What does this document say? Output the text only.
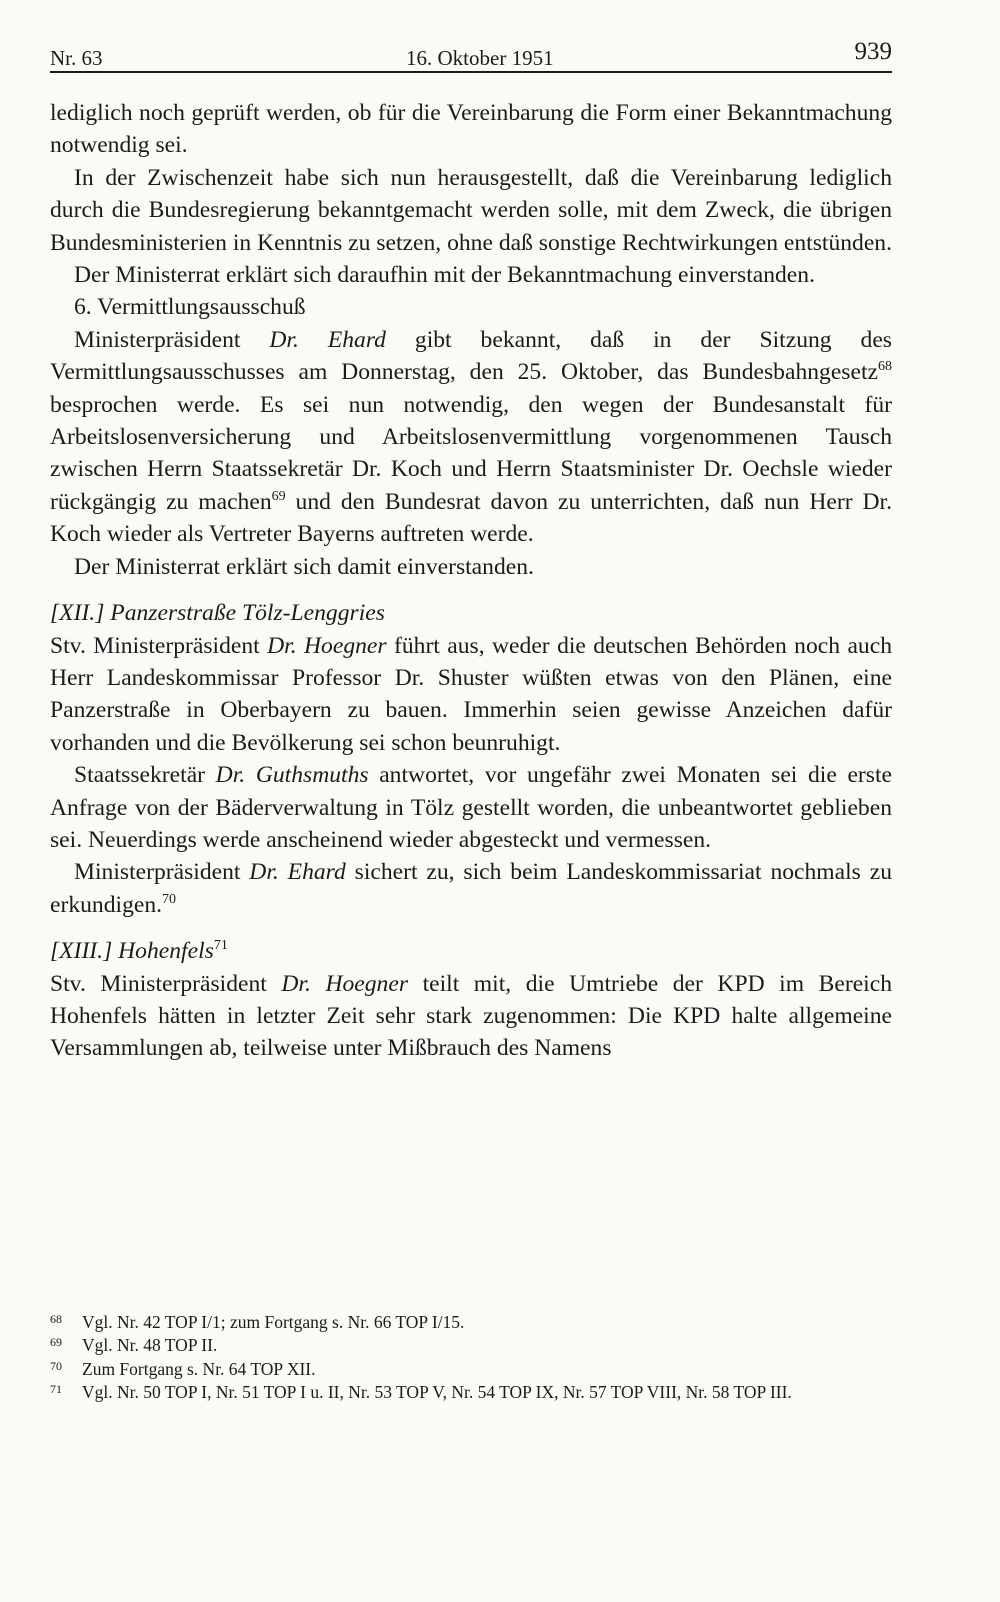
Nr. 63	16. Oktober 1951	939

lediglich noch geprüft werden, ob für die Vereinbarung die Form einer Bekanntmachung notwendig sei.

In der Zwischenzeit habe sich nun herausgestellt, daß die Vereinbarung lediglich durch die Bundesregierung bekanntgemacht werden solle, mit dem Zweck, die übrigen Bundesministerien in Kenntnis zu setzen, ohne daß sonstige Rechtwirkungen entstünden.

Der Ministerrat erklärt sich daraufhin mit der Bekanntmachung einverstanden.

6. Vermittlungsausschuß

Ministerpräsident Dr. Ehard gibt bekannt, daß in der Sitzung des Vermittlungsausschusses am Donnerstag, den 25. Oktober, das Bundesbahngesetz$^{68}$ besprochen werde. Es sei nun notwendig, den wegen der Bundesanstalt für Arbeitslosenversicherung und Arbeitslosenvermittlung vorgenommenen Tausch zwischen Herrn Staatssekretär Dr. Koch und Herrn Staatsminister Dr. Oechsle wieder rückgängig zu machen$^{69}$ und den Bundesrat davon zu unterrichten, daß nun Herr Dr. Koch wieder als Vertreter Bayerns auftreten werde.

Der Ministerrat erklärt sich damit einverstanden.

[XII.] Panzerstraße Tölz-Lenggries

Stv. Ministerpräsident Dr. Hoegner führt aus, weder die deutschen Behörden noch auch Herr Landeskommissar Professor Dr. Shuster wüßten etwas von den Plänen, eine Panzerstraße in Oberbayern zu bauen. Immerhin seien gewisse Anzeichen dafür vorhanden und die Bevölkerung sei schon beunruhigt.

Staatssekretär Dr. Guthsmuths antwortet, vor ungefähr zwei Monaten sei die erste Anfrage von der Bäderverwaltung in Tölz gestellt worden, die unbeantwortet geblieben sei. Neuerdings werde anscheinend wieder abgesteckt und vermessen.

Ministerpräsident Dr. Ehard sichert zu, sich beim Landeskommissariat nochmals zu erkundigen.$^{70}$

[XIII.] Hohenfels$^{71}$

Stv. Ministerpräsident Dr. Hoegner teilt mit, die Umtriebe der KPD im Bereich Hohenfels hätten in letzter Zeit sehr stark zugenommen: Die KPD halte allgemeine Versammlungen ab, teilweise unter Mißbrauch des Namens

68 Vgl. Nr. 42 TOP I/1; zum Fortgang s. Nr. 66 TOP I/15.
69 Vgl. Nr. 48 TOP II.
70 Zum Fortgang s. Nr. 64 TOP XII.
71 Vgl. Nr. 50 TOP I, Nr. 51 TOP I u. II, Nr. 53 TOP V, Nr. 54 TOP IX, Nr. 57 TOP VIII, Nr. 58 TOP III.
